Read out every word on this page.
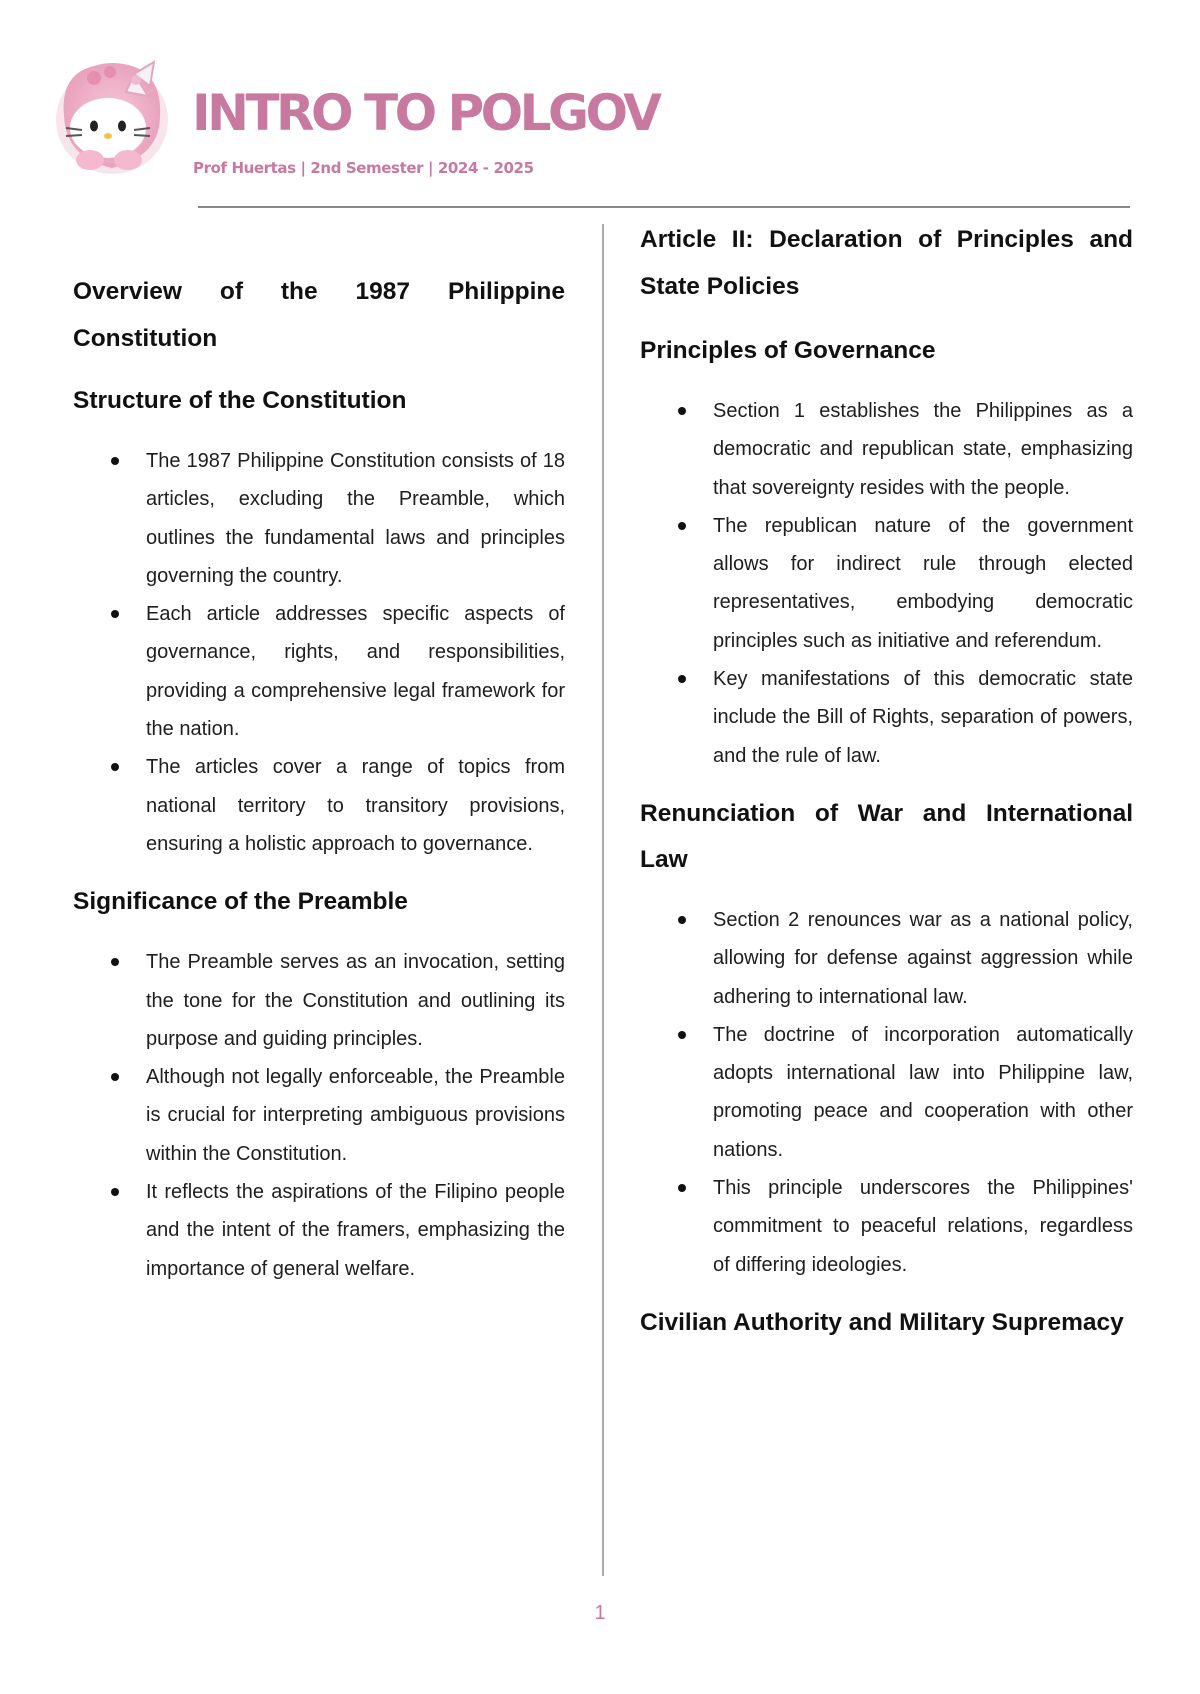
INTRO TO POLGOV

Prof Huertas | 2nd Semester | 2024 - 2025

Overview of the 1987 Philippine Constitution
Structure of the Constitution
The 1987 Philippine Constitution consists of 18 articles, excluding the Preamble, which outlines the fundamental laws and principles governing the country.
Each article addresses specific aspects of governance, rights, and responsibilities, providing a comprehensive legal framework for the nation.
The articles cover a range of topics from national territory to transitory provisions, ensuring a holistic approach to governance.
Significance of the Preamble
The Preamble serves as an invocation, setting the tone for the Constitution and outlining its purpose and guiding principles.
Although not legally enforceable, the Preamble is crucial for interpreting ambiguous provisions within the Constitution.
It reflects the aspirations of the Filipino people and the intent of the framers, emphasizing the importance of general welfare.
Article II: Declaration of Principles and State Policies
Principles of Governance
Section 1 establishes the Philippines as a democratic and republican state, emphasizing that sovereignty resides with the people.
The republican nature of the government allows for indirect rule through elected representatives, embodying democratic principles such as initiative and referendum.
Key manifestations of this democratic state include the Bill of Rights, separation of powers, and the rule of law.
Renunciation of War and International Law
Section 2 renounces war as a national policy, allowing for defense against aggression while adhering to international law.
The doctrine of incorporation automatically adopts international law into Philippine law, promoting peace and cooperation with other nations.
This principle underscores the Philippines' commitment to peaceful relations, regardless of differing ideologies.
Civilian Authority and Military Supremacy
1
